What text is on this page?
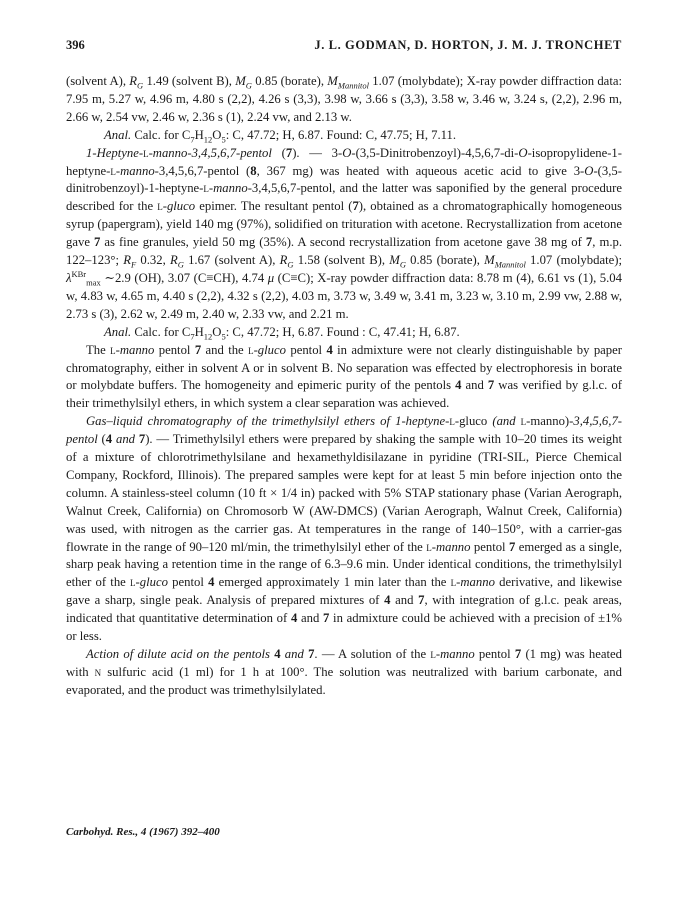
396	J. L. GODMAN, D. HORTON, J. M. J. TRONCHET

(solvent A), $R_G$ 1.49 (solvent B), $M_G$ 0.85 (borate), $M_{Mannitol}$ 1.07 (molybdate); X-ray powder diffraction data: 7.95 m, 5.27 w, 4.96 m, 4.80 s (2,2), 4.26 s (3,3), 3.98 w, 3.66 s (3,3), 3.58 w, 3.46 w, 3.24 s, (2,2), 2.96 m, 2.66 w, 2.54 vw, 2.46 w, 2.36 s (1), 2.24 vw, and 2.13 w.

Anal. Calc. for $C_7H_{12}O_5$: C, 47.72; H, 6.87. Found: C, 47.75; H, 7.11.

1-Heptyne-l-manno-3,4,5,6,7-pentol (7). — 3-O-(3,5-Dinitrobenzoyl)-4,5,6,7-di-O-isopropylidene-1-heptyne-l-manno-3,4,5,6,7-pentol (8, 367 mg) was heated with aqueous acetic acid to give 3-O-(3,5-dinitrobenzoyl)-1-heptyne-l-manno-3,4,5,6,7-pentol, and the latter was saponified by the general procedure described for the l-gluco epimer. The resultant pentol (7), obtained as a chromatographically homogeneous syrup (papergram), yield 140 mg (97%), solidified on trituration with acetone. Recrystallization from acetone gave 7 as fine granules, yield 50 mg (35%). A second recrystallization from acetone gave 38 mg of 7, m.p. 122–123°; $R_F$ 0.32, $R_G$ 1.67 (solvent A), $R_G$ 1.58 (solvent B), $M_G$ 0.85 (borate), $M_{Mannitol}$ 1.07 (molybdate); $\lambda^{KBr}_{max}$ ∼2.9 (OH), 3.07 (C≡CH), 4.74 μ (C≡C); X-ray powder diffraction data: 8.78 m (4), 6.61 vs (1), 5.04 w, 4.83 w, 4.65 m, 4.40 s (2,2), 4.32 s (2,2), 4.03 m, 3.73 w, 3.49 w, 3.41 m, 3.23 w, 3.10 m, 2.99 vw, 2.88 w, 2.73 s (3), 2.62 w, 2.49 m, 2.40 w, 2.33 vw, and 2.21 m.

Anal. Calc. for $C_7H_{12}O_5$: C, 47.72; H, 6.87. Found : C, 47.41; H, 6.87.

The l-manno pentol 7 and the l-gluco pentol 4 in admixture were not clearly distinguishable by paper chromatography, either in solvent A or in solvent B. No separation was effected by electrophoresis in borate or molybdate buffers. The homogeneity and epimeric purity of the pentols 4 and 7 was verified by g.l.c. of their trimethylsilyl ethers, in which system a clear separation was achieved.

Gas–liquid chromatography of the trimethylsilyl ethers of 1-heptyne-l-gluco (and l-manno)-3,4,5,6,7-pentol (4 and 7). — Trimethylsilyl ethers were prepared by shaking the sample with 10–20 times its weight of a mixture of chlorotrimethylsilane and hexamethyldisilazane in pyridine (TRI-SIL, Pierce Chemical Company, Rockford, Illinois). The prepared samples were kept for at least 5 min before injection onto the column. A stainless-steel column (10 ft × 1/4 in) packed with 5% STAP stationary phase (Varian Aerograph, Walnut Creek, California) on Chromosorb W (AW-DMCS) (Varian Aerograph, Walnut Creek, California) was used, with nitrogen as the carrier gas. At temperatures in the range of 140–150°, with a carrier-gas flowrate in the range of 90–120 ml/min, the trimethylsilyl ether of the l-manno pentol 7 emerged as a single, sharp peak having a retention time in the range of 6.3–9.6 min. Under identical conditions, the trimethylsilyl ether of the l-gluco pentol 4 emerged approximately 1 min later than the l-manno derivative, and likewise gave a sharp, single peak. Analysis of prepared mixtures of 4 and 7, with integration of g.l.c. peak areas, indicated that quantitative determination of 4 and 7 in admixture could be achieved with a precision of ±1% or less.

Action of dilute acid on the pentols 4 and 7. — A solution of the l-manno pentol 7 (1 mg) was heated with n sulfuric acid (1 ml) for 1 h at 100°. The solution was neutralized with barium carbonate, and evaporated, and the product was trimethylsilylated.

Carbohyd. Res., 4 (1967) 392–400
